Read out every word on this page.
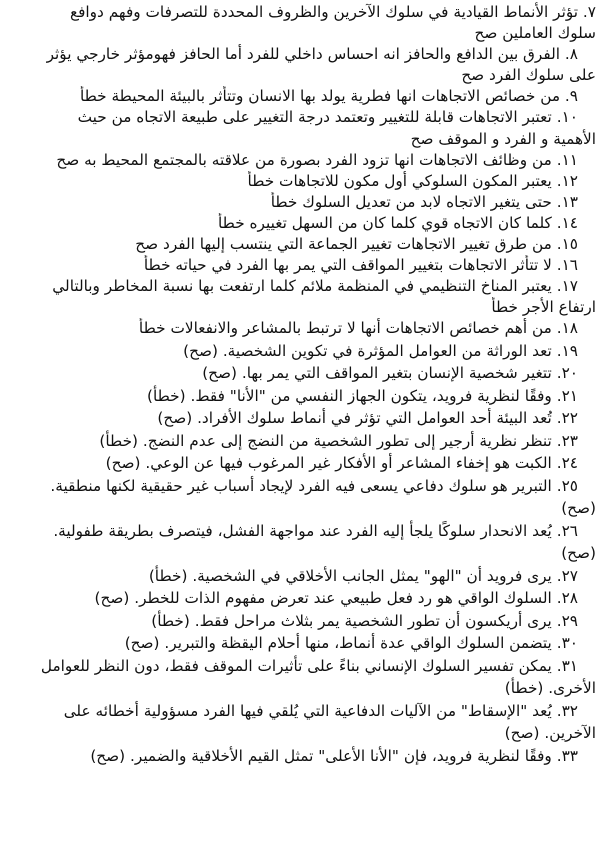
٧. تؤثر الأنماط القيادية في سلوك الآخرين والظروف المحددة للتصرفات وفهم دوافع
سلوك العاملين صح
٨. الفرق بين الدافع والحافز انه احساس داخلي للفرد أما الحافز فهومؤثر خارجي يؤثر
على سلوك الفرد صح
٩. من خصائص الاتجاهات انها فطرية يولد بها الانسان وتتأثر بالبيئة المحيطة خطأ
١٠. تعتبر الاتجاهات قابلة للتغيير وتعتمد درجة التغيير على طبيعة الاتجاه من حيث
الأهمية و الفرد و الموقف صح
١١. من وظائف الاتجاهات انها تزود الفرد بصورة من علاقته بالمجتمع المحيط به صح
١٢. يعتبر المكون السلوكي أول مكون للاتجاهات خطأ
١٣. حتى يتغير الاتجاه لابد من تعديل السلوك خطأ
١٤. كلما كان الاتجاه قوي كلما كان من السهل تغييره خطأ
١٥. من طرق تغيير الاتجاهات تغيير الجماعة التي ينتسب إليها الفرد صح
١٦. لا تتأثر الاتجاهات بتغيير المواقف التي يمر بها الفرد في حياته خطأ
١٧. يعتبر المناخ التنظيمي في المنظمة ملائم كلما ارتفعت بها نسبة المخاطر وبالتالي
ارتفاع الأجر خطأ
١٨. من أهم خصائص الاتجاهات أنها لا ترتبط بالمشاعر والانفعالات خطأ
١٩. تعد الوراثة من العوامل المؤثرة في تكوين الشخصية. (صح)
٢٠. تتغير شخصية الإنسان بتغير المواقف التي يمر بها. (صح)
٢١. وفقًا لنظرية فرويد، يتكون الجهاز النفسي من "الأنا" فقط. (خطأ)
٢٢. تُعد البيئة أحد العوامل التي تؤثر في أنماط سلوك الأفراد. (صح)
٢٣. تنظر نظرية أرجير إلى تطور الشخصية من النضج إلى عدم النضج. (خطأ)
٢٤. الكبت هو إخفاء المشاعر أو الأفكار غير المرغوب فيها عن الوعي. (صح)
٢٥. التبرير هو سلوك دفاعي يسعى فيه الفرد لإيجاد أسباب غير حقيقية لكنها منطقية.
(صح)
٢٦. يُعد الانحدار سلوكًا يلجأ إليه الفرد عند مواجهة الفشل، فيتصرف بطريقة طفولية.
(صح)
٢٧. يرى فرويد أن "الهو" يمثل الجانب الأخلاقي في الشخصية. (خطأ)
٢٨. السلوك الواقي هو رد فعل طبيعي عند تعرض مفهوم الذات للخطر. (صح)
٢٩. يرى أريكسون أن تطور الشخصية يمر بثلاث مراحل فقط. (خطأ)
٣٠. يتضمن السلوك الواقي عدة أنماط، منها أحلام اليقظة والتبرير. (صح)
٣١. يمكن تفسير السلوك الإنساني بناءً على تأثيرات الموقف فقط، دون النظر للعوامل
الأخرى. (خطأ)
٣٢. يُعد "الإسقاط" من الآليات الدفاعية التي يُلقي فيها الفرد مسؤولية أخطائه على
الآخرين. (صح)
٣٣. وفقًا لنظرية فرويد، فإن "الأنا الأعلى" تمثل القيم الأخلاقية والضمير. (صح)
